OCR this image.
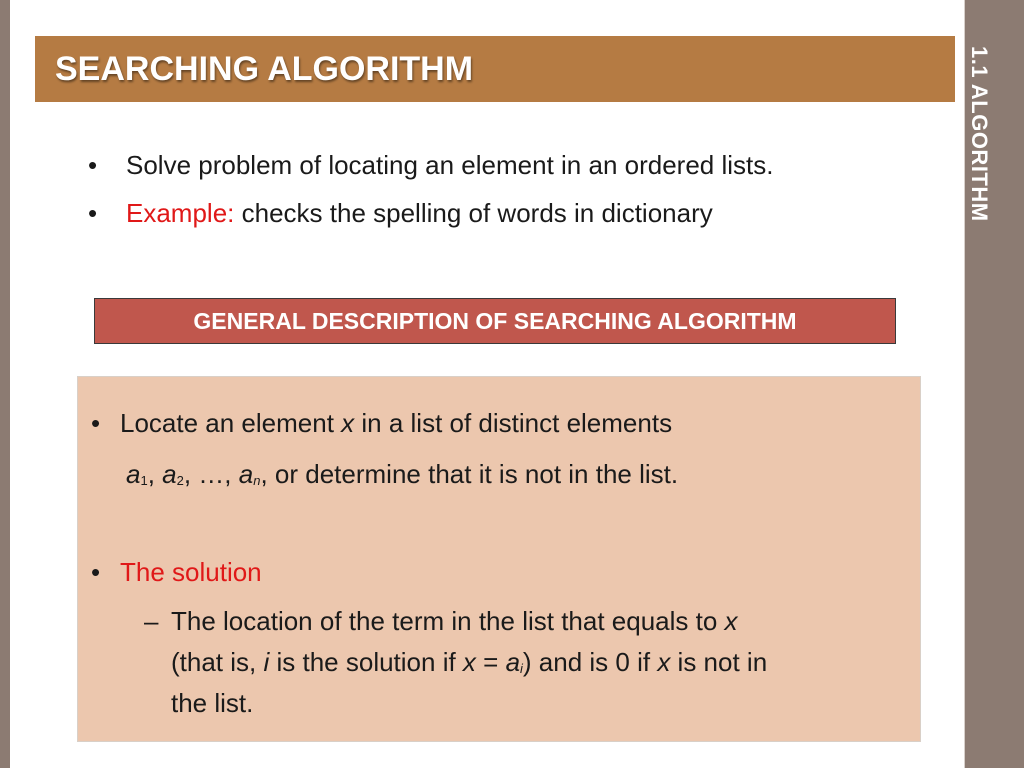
1.1 ALGORITHM
SEARCHING ALGORITHM
•	Solve problem of locating an element in an ordered lists.
•	Example: checks the spelling of words in dictionary
GENERAL DESCRIPTION OF SEARCHING ALGORITHM
• Locate an element x in a list of distinct elements
a1, a2, …, an, or determine that it is not in the list.
• The solution
– The location of the term in the list that equals to x
(that is, i is the solution if x = ai) and is 0 if x is not in
the list.
